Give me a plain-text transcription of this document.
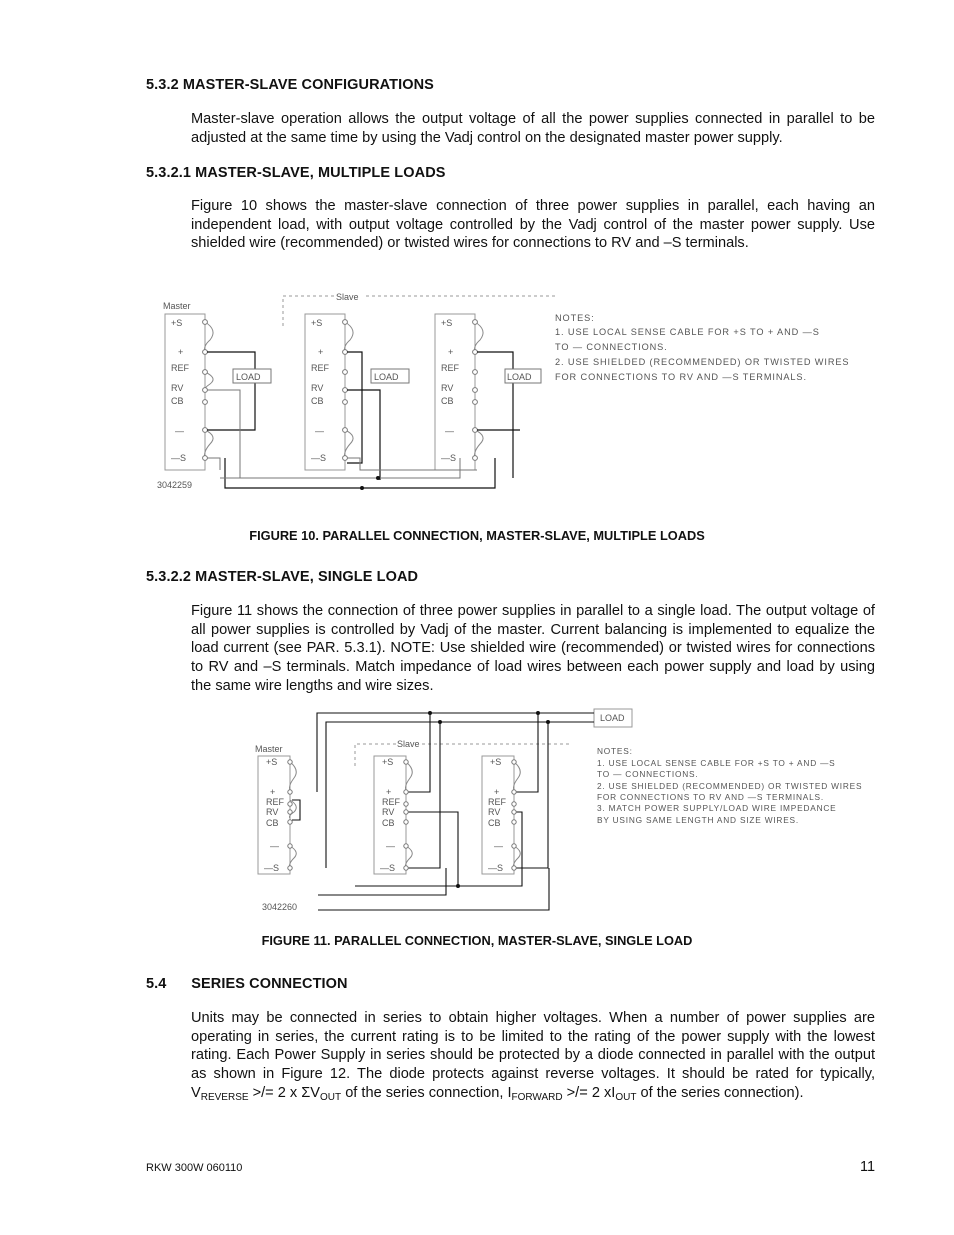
5.3.2 MASTER-SLAVE CONFIGURATIONS
Master-slave operation allows the output voltage of all the power supplies connected in parallel to be adjusted at the same time by using the Vadj control on the designated master power supply.
5.3.2.1 MASTER-SLAVE, MULTIPLE LOADS
Figure 10 shows the master-slave connection of three power supplies in parallel, each having an independent load, with output voltage controlled by the Vadj control of the master power supply. Use shielded wire (recommended) or twisted wires for connections to RV and –S terminals.
LOAD	LOAD	LOAD
Master
Slave
+S
+
REF
RV
CB
—
—S
+S
+
REF
RV
CB
—
—S
+S
+
REF
RV
CB
—
—S
3042259
NOTES:
1. USE LOCAL SENSE CABLE FOR +S TO + AND —S
TO — CONNECTIONS.
2. USE SHIELDED (RECOMMENDED) OR TWISTED WIRES
FOR CONNECTIONS TO RV AND —S TERMINALS.
FIGURE 10. PARALLEL CONNECTION, MASTER-SLAVE, MULTIPLE LOADS
5.3.2.2 MASTER-SLAVE, SINGLE LOAD
Figure 11 shows the connection of three power supplies in parallel to a single load. The output voltage of all power supplies is controlled by Vadj of the master. Current balancing is implemented to equalize the load current (see PAR. 5.3.1). NOTE: Use shielded wire (recommended) or twisted wires for connections to RV and –S terminals. Match impedance of load wires between each power supply and load by using the same wire lengths and wire sizes.
LOAD
Master	Slave
+S
+
REF
RV
CB
—
—S
+S
+
REF
RV
CB
—
—S
+S
+
REF
RV
CB
—
—S
3042260
NOTES:
1. USE LOCAL SENSE CABLE FOR +S TO + AND —S
TO — CONNECTIONS.
2. USE SHIELDED (RECOMMENDED) OR TWISTED WIRES
FOR CONNECTIONS TO RV AND —S TERMINALS.
3. MATCH POWER SUPPLY/LOAD WIRE IMPEDANCE
BY USING SAME LENGTH AND SIZE WIRES.
FIGURE 11. PARALLEL CONNECTION, MASTER-SLAVE, SINGLE LOAD
5.4      SERIES CONNECTION
Units may be connected in series to obtain higher voltages. When a number of power supplies are operating in series, the current rating is to be limited to the rating of the power supply with the lowest rating. Each Power Supply in series should be protected by a diode connected in parallel with the output as shown in Figure 12. The diode protects against reverse voltages. It should be rated for typically, $V_{REVERSE}$ >/= 2 x $\Sigma V_{OUT}$ of the series connection, $I_{FORWARD}$ >/= 2 $xI_{OUT}$ of the series connection).
RKW 300W 060110	11
